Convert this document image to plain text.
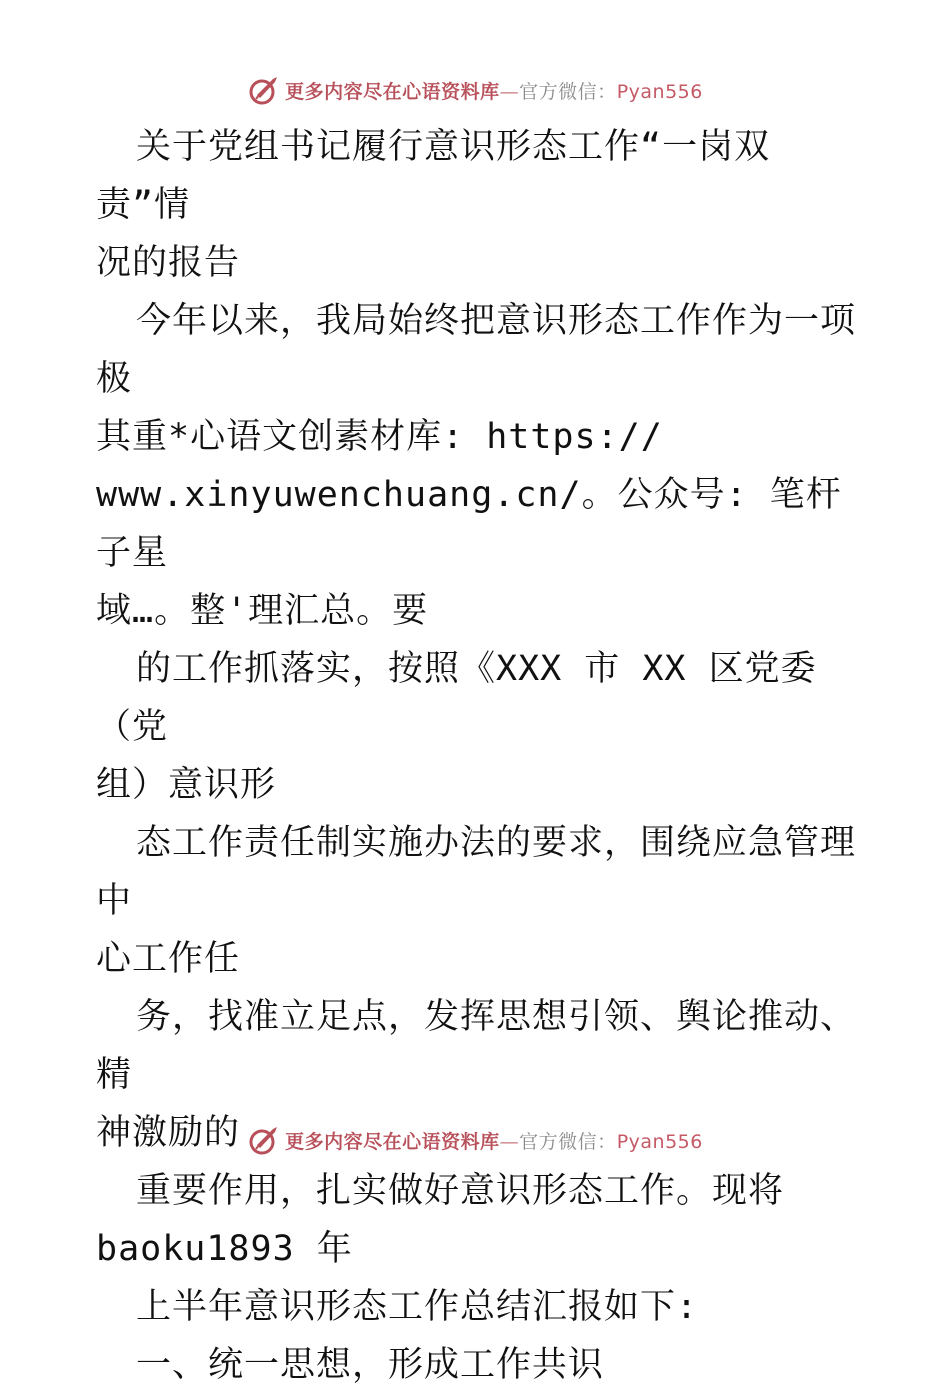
更多内容尽在心语资料库—官方微信：Pyan556

关于党组书记履行意识形态工作“一岗双责”情
况的报告

今年以来，我局始终把意识形态工作作为一项极
其重*心语文创素材库: https://
www.xinyuwenchuang.cn/。公众号: 笔杆子星
域…。整'理汇总。要

的工作抓落实，按照《XXX 市 XX 区党委（党
组）意识形

态工作责任制实施办法的要求，围绕应急管理中
心工作任

务，找准立足点，发挥思想引领、舆论推动、精
神激励的

重要作用，扎实做好意识形态工作。现将
baoku1893 年

上半年意识形态工作总结汇报如下:

一、统一思想，形成工作共识

更多内容尽在心语资料库—官方微信：Pyan556
